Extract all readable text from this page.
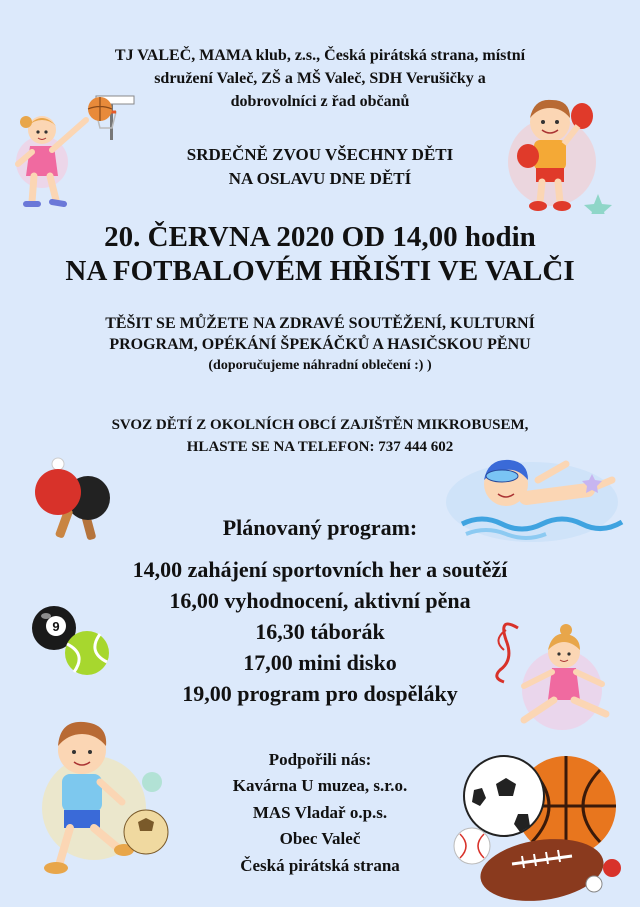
TJ VALEČ, MAMA klub, z.s., Česká pirátská strana, místní
sdružení Valeč, ZŠ a MŠ Valeč, SDH Verušičky a
dobrovolníci z řad občanů
SRDEČNĚ ZVOU VŠECHNY DĚTI
NA OSLAVU DNE DĚTÍ
20. ČERVNA 2020 OD 14,00 hodin
NA FOTBALOVÉM HŘIŠTI VE VALČI
TĚŠIT SE MŮŽETE NA ZDRAVÉ SOUTĚŽENÍ, KULTURNÍ
PROGRAM, OPÉKÁNÍ ŠPEKÁČKŮ A HASIČSKOU PĚNU
(doporučujeme náhradní oblečení :) )
SVOZ DĚTÍ Z OKOLNÍCH OBCÍ ZAJIŠTĚN MIKROBUSEM,
HLASTE SE NA TELEFON: 737 444 602
Plánovaný program:
14,00 zahájení sportovních her a soutěží
16,00 vyhodnocení, aktivní pěna
16,30 táborák
17,00 mini disko
19,00 program pro dospěláky
Podpořili nás:
Kavárna U muzea, s.r.o.
MAS Vladař o.p.s.
Obec Valeč
Česká pirátská strana
9
